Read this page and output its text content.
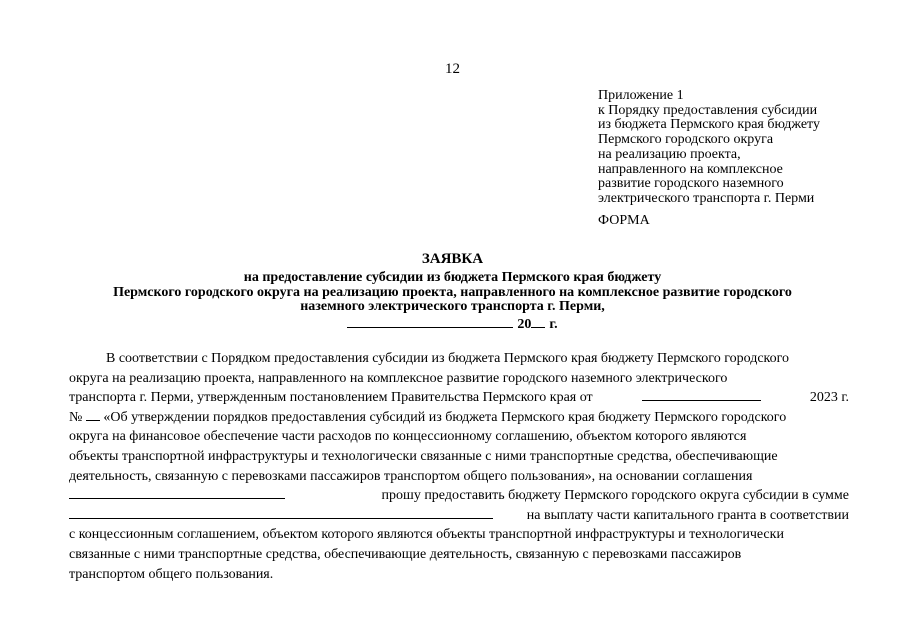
12
Приложение 1
к Порядку предоставления субсидии
из бюджета Пермского края бюджету
Пермского городского округа
на реализацию проекта,
направленного на комплексное
развитие городского наземного
электрического транспорта г. Перми
ФОРМА
ЗАЯВКА
на предоставление субсидии из бюджета Пермского края бюджету
Пермского городского округа на реализацию проекта, направленного на комплексное развитие городского
наземного электрического транспорта г. Перми,
20 г.
В соответствии с Порядком предоставления субсидии из бюджета Пермского края бюджету Пермского городского
округа на реализацию проекта, направленного на комплексное развитие городского наземного электрического
транспорта г. Перми, утвержденным постановлением Правительства Пермского края от	2023 г.
№ «Об утверждении порядков предоставления субсидий из бюджета Пермского края бюджету Пермского городского
округа на финансовое обеспечение части расходов по концессионному соглашению, объектом которого являются
объекты транспортной инфраструктуры и технологически связанные с ними транспортные средства, обеспечивающие
деятельность, связанную с перевозками пассажиров транспортом общего пользования», на основании соглашения
прошу предоставить бюджету Пермского городского округа субсидии в сумме
на выплату части капитального гранта в соответствии
с концессионным соглашением, объектом которого являются объекты транспортной инфраструктуры и технологически
связанные с ними транспортные средства, обеспечивающие деятельность, связанную с перевозками пассажиров
транспортом общего пользования.
